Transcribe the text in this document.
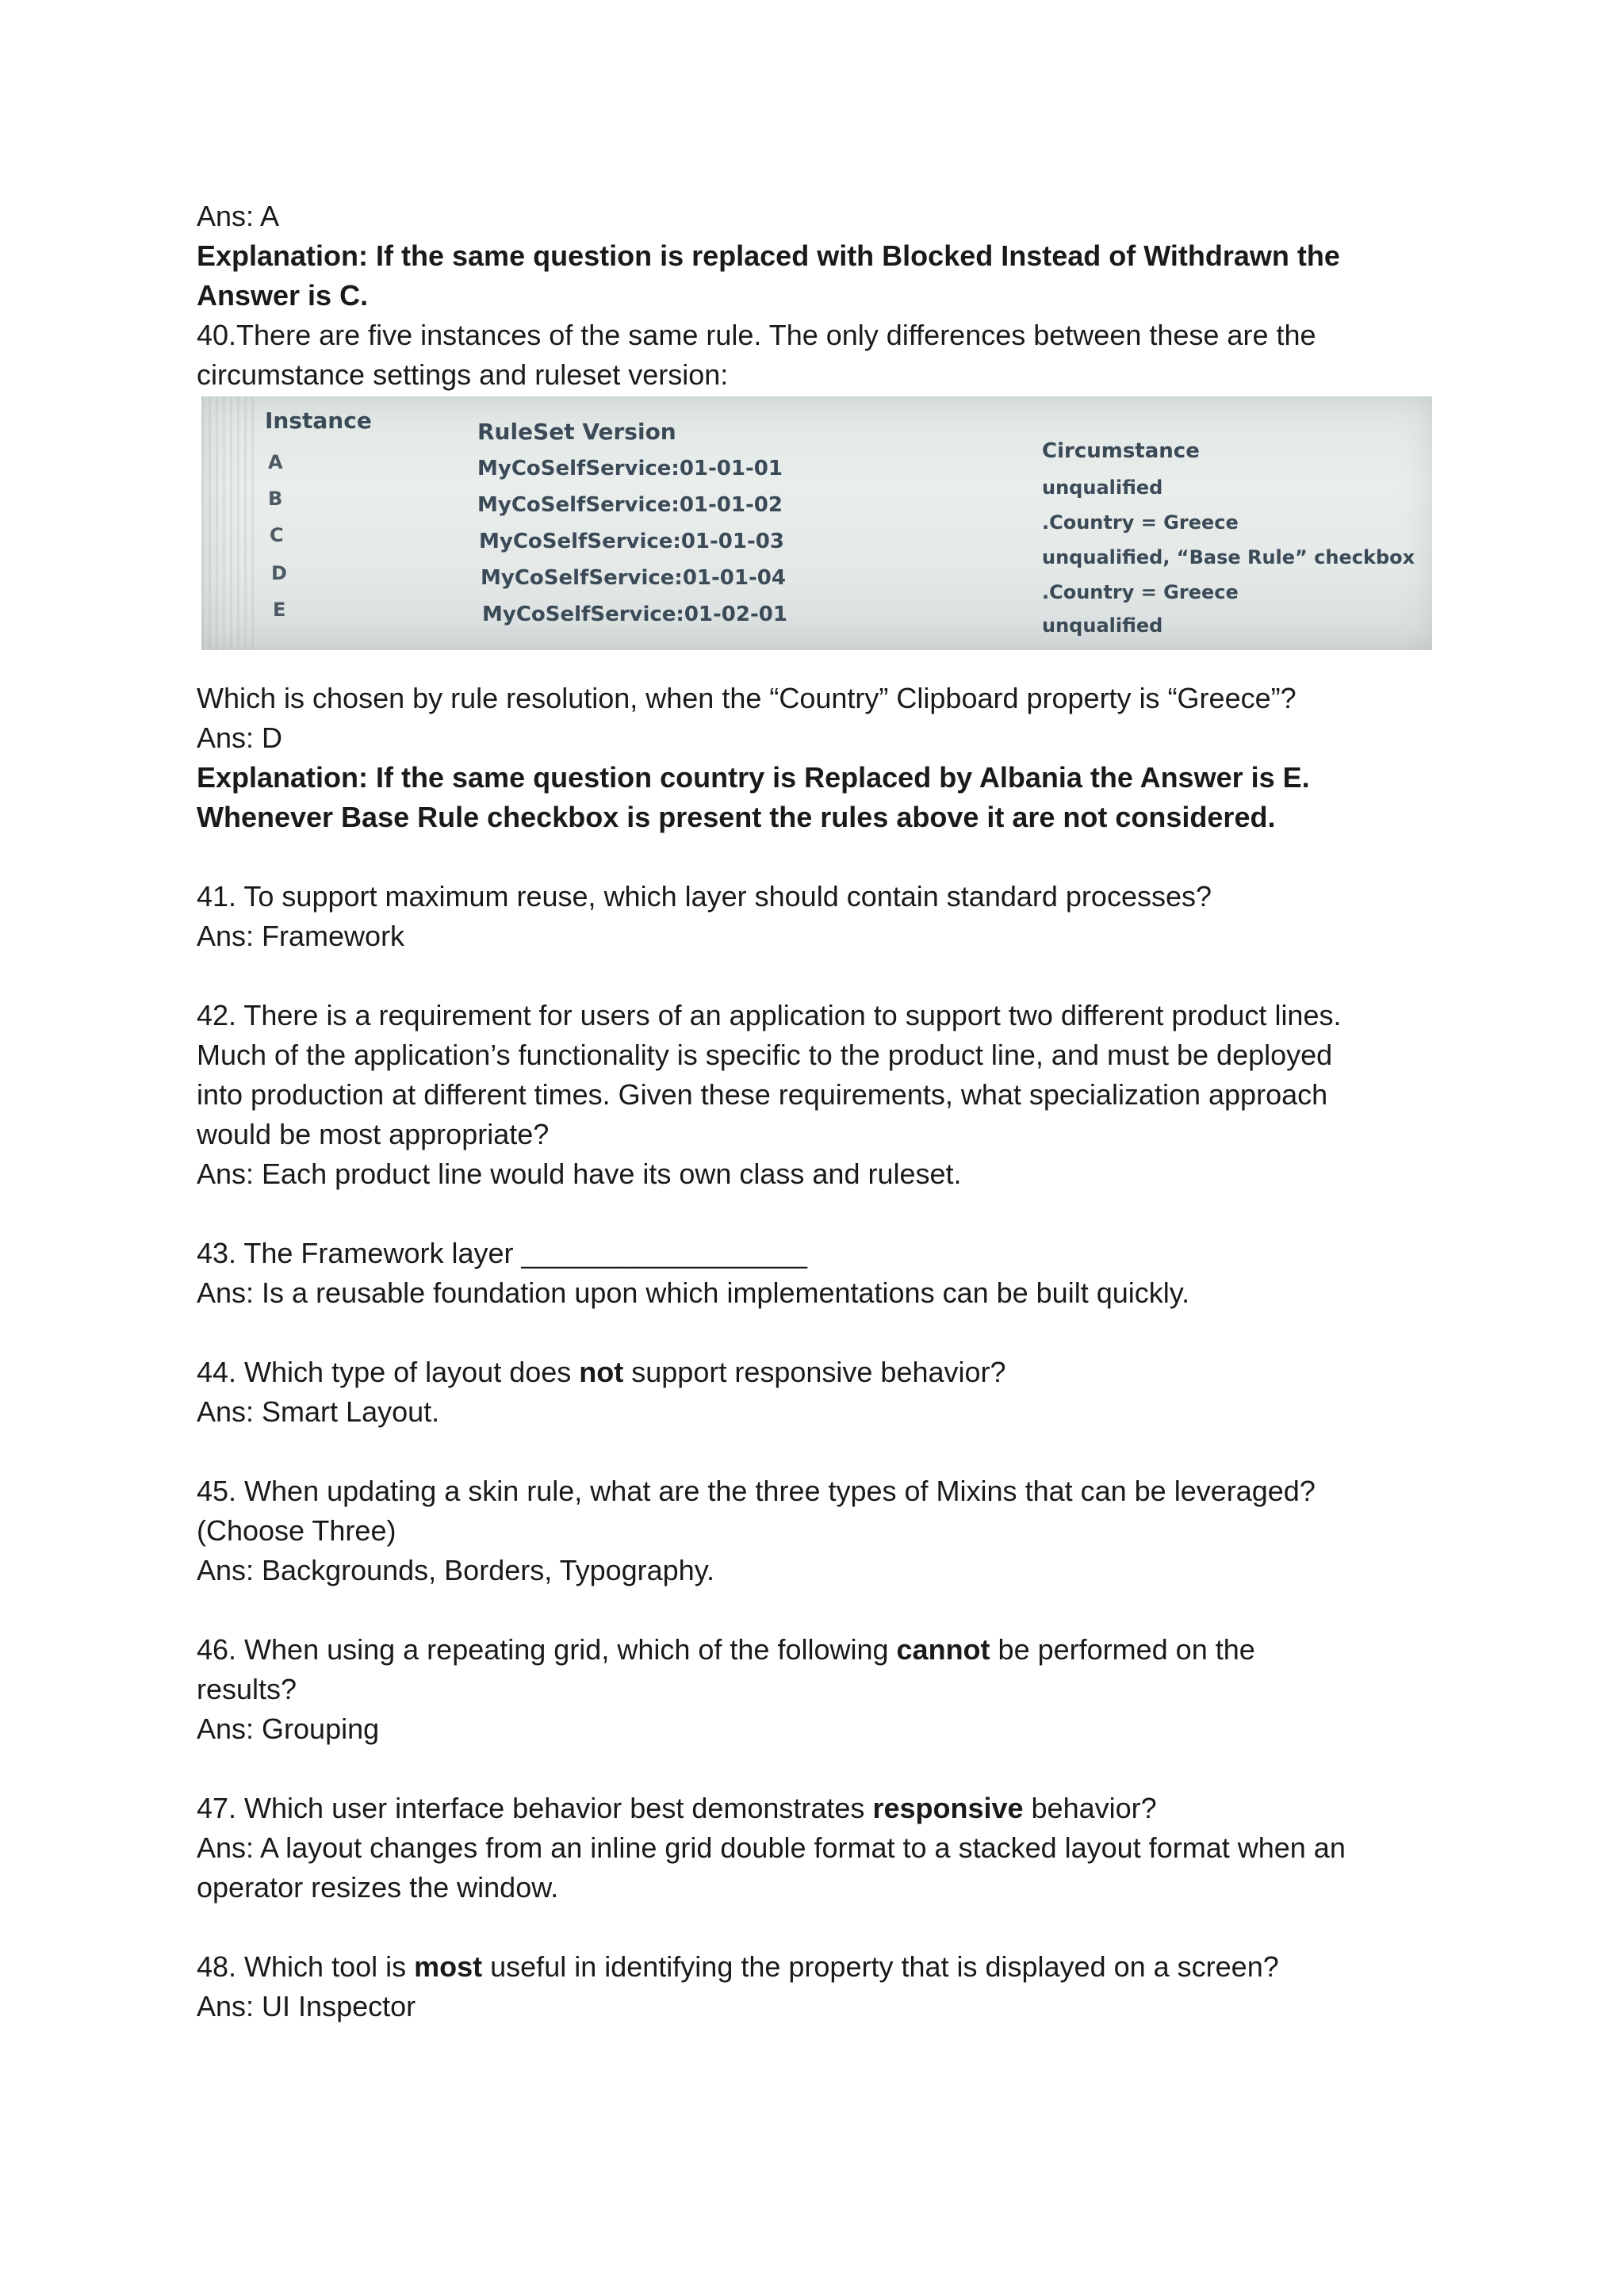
Ans: A

Explanation: If the same question is replaced with Blocked Instead of Withdrawn the

Answer is C.

40.There are five instances of the same rule. The only differences between these are the

circumstance settings and ruleset version:

Instance	RuleSet Version
Circumstance
A
B
C
D
E
MyCoSelfService:01-01-01
MyCoSelfService:01-01-02
MyCoSelfService:01-01-03
MyCoSelfService:01-01-04
MyCoSelfService:01-02-01
unqualified
.Country = Greece
unqualified, “Base Rule” checkbox
.Country = Greece
unqualified

Which is chosen by rule resolution, when the “Country” Clipboard property is “Greece”?

Ans: D

Explanation: If the same question country is Replaced by Albania the Answer is E.

Whenever Base Rule checkbox is present the rules above it are not considered.

41. To support maximum reuse, which layer should contain standard processes?

Ans: Framework

42. There is a requirement for users of an application to support two different product lines.

Much of the application’s functionality is specific to the product line, and must be deployed

into production at different times. Given these requirements, what specialization approach

would be most appropriate?

Ans: Each product line would have its own class and ruleset.

43. The Framework layer __________________

Ans: Is a reusable foundation upon which implementations can be built quickly.

44. Which type of layout does not support responsive behavior?

Ans: Smart Layout.

45. When updating a skin rule, what are the three types of Mixins that can be leveraged?

(Choose Three)

Ans: Backgrounds, Borders, Typography.

46. When using a repeating grid, which of the following cannot be performed on the

results?

Ans: Grouping

47. Which user interface behavior best demonstrates responsive behavior?

Ans: A layout changes from an inline grid double format to a stacked layout format when an

operator resizes the window.

48. Which tool is most useful in identifying the property that is displayed on a screen?

Ans: UI Inspector
